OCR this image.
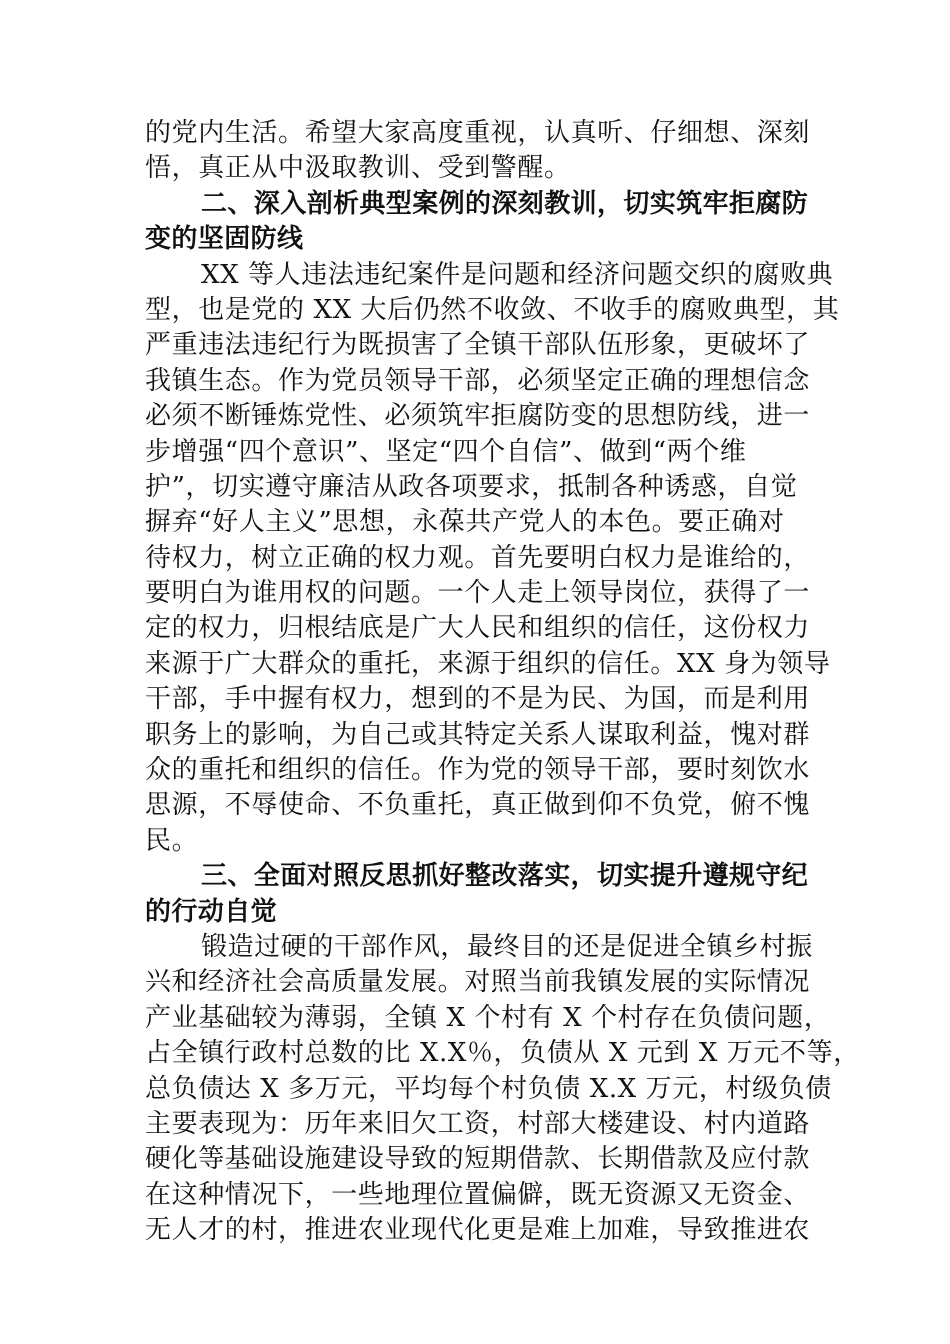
的党内生活。希望大家高度重视，认真听、仔细想、深刻
悟，真正从中汲取教训、受到警醒。
二、深入剖析典型案例的深刻教训，切实筑牢拒腐防
变的坚固防线
XX 等人违法违纪案件是问题和经济问题交织的腐败典
型，也是党的 XX 大后仍然不收敛、不收手的腐败典型，其
严重违法违纪行为既损害了全镇干部队伍形象，更破坏了
我镇生态。作为党员领导干部，必须坚定正确的理想信念
必须不断锤炼党性、必须筑牢拒腐防变的思想防线，进一
步增强“四个意识”、坚定“四个自信”、做到“两个维
护”，切实遵守廉洁从政各项要求，抵制各种诱惑，自觉
摒弃“好人主义”思想，永葆共产党人的本色。要正确对
待权力，树立正确的权力观。首先要明白权力是谁给的，
要明白为谁用权的问题。一个人走上领导岗位，获得了一
定的权力，归根结底是广大人民和组织的信任，这份权力
来源于广大群众的重托，来源于组织的信任。XX 身为领导
干部，手中握有权力，想到的不是为民、为国，而是利用
职务上的影响，为自己或其特定关系人谋取利益，愧对群
众的重托和组织的信任。作为党的领导干部，要时刻饮水
思源，不辱使命、不负重托，真正做到仰不负党，俯不愧
民。
三、全面对照反思抓好整改落实，切实提升遵规守纪
的行动自觉
锻造过硬的干部作风，最终目的还是促进全镇乡村振
兴和经济社会高质量发展。对照当前我镇发展的实际情况
产业基础较为薄弱，全镇 X 个村有 X 个村存在负债问题，
占全镇行政村总数的比 X.X％，负债从 X 元到 X 万元不等，
总负债达 X 多万元，平均每个村负债 X.X 万元，村级负债
主要表现为：历年来旧欠工资，村部大楼建设、村内道路
硬化等基础设施建设导致的短期借款、长期借款及应付款
在这种情况下，一些地理位置偏僻，既无资源又无资金、
无人才的村，推进农业现代化更是难上加难，导致推进农
